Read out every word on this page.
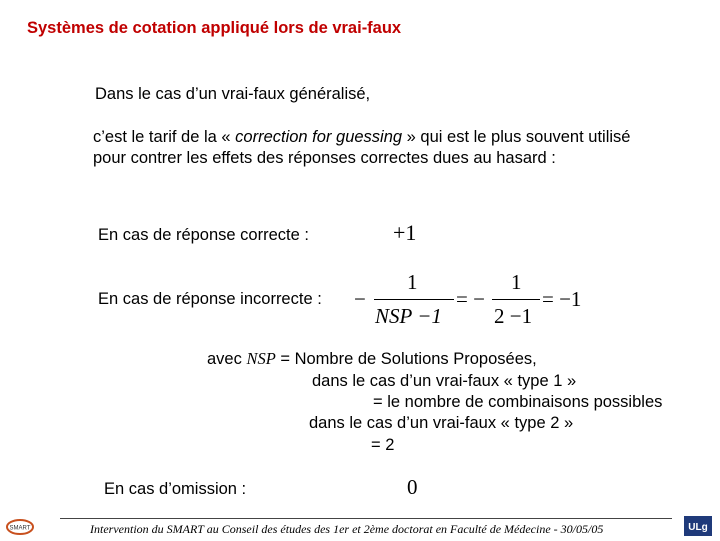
Systèmes de cotation appliqué lors de vrai-faux
Dans le cas d’un vrai-faux généralisé,
c’est le tarif de la « correction for guessing » qui est le plus souvent utilisé
pour contrer les effets des réponses correctes dues au hasard :
En cas de réponse correcte :	+1
En cas de réponse incorrecte : −
1
NSP −1
= −
1
2 −1
= −1
avec NSP = Nombre de Solutions Proposées,
dans le cas d’un vrai-faux « type 1 »
= le nombre de combinaisons possibles
dans le cas d’un vrai-faux « type 2 »
= 2
En cas d’omission :	0
SMART	Intervention du SMART au Conseil des études des 1er et 2ème doctorat en Faculté de Médecine - 30/05/05	ULg
